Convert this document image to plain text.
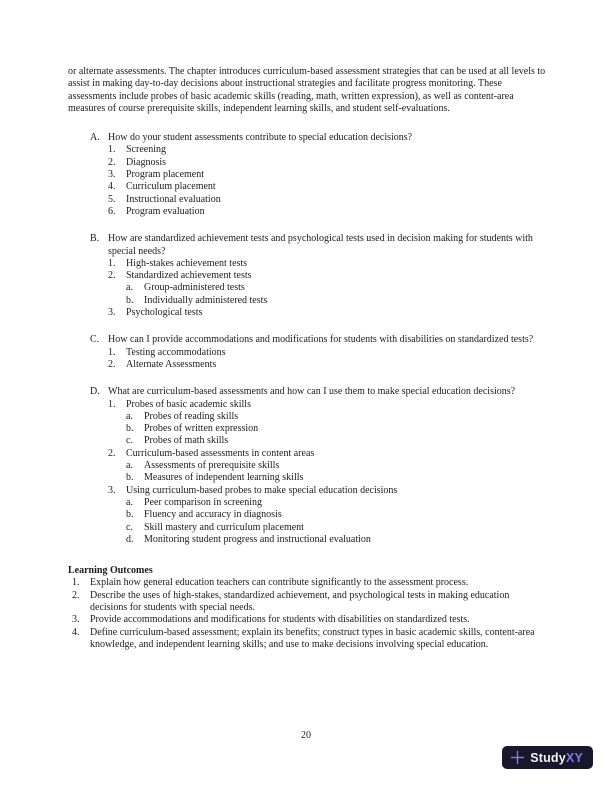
or alternate assessments. The chapter introduces curriculum-based assessment strategies that can be used at all levels to assist in making day-to-day decisions about instructional strategies and facilitate progress monitoring. These assessments include probes of basic academic skills (reading, math, written expression), as well as content-area measures of course prerequisite skills, independent learning skills, and student self-evaluations.

A. How do your student assessments contribute to special education decisions?
1.	Screening
2.	Diagnosis
3.	Program placement
4.	Curriculum placement
5.	Instructional evaluation
6.	Program evaluation
B. How are standardized achievement tests and psychological tests used in decision making for students with special needs?
1.	High-stakes achievement tests
2.	Standardized achievement tests
a.	Group-administered tests
b.	Individually administered tests
3.	Psychological tests
C. How can I provide accommodations and modifications for students with disabilities on standardized tests?
1.	Testing accommodations
2.	Alternate Assessments
D. What are curriculum-based assessments and how can I use them to make special education decisions?
1.	Probes of basic academic skills
a.	Probes of reading skills
b.	Probes of written expression
c.	Probes of math skills
2.	Curriculum-based assessments in content areas
a.	Assessments of prerequisite skills
b.	Measures of independent learning skills
3.	Using curriculum-based probes to make special education decisions
a.	Peer comparison in screening
b.	Fluency and accuracy in diagnosis
c.	Skill mastery and curriculum placement
d.	Monitoring student progress and instructional evaluation
Learning Outcomes
1.	Explain how general education teachers can contribute significantly to the assessment process.
2.	Describe the uses of high-stakes, standardized achievement, and psychological tests in making education decisions for students with special needs.
3.	Provide accommodations and modifications for students with disabilities on standardized tests.
4.	Define curriculum-based assessment; explain its benefits; construct types in basic academic skills, content-area knowledge, and independent learning skills; and use to make decisions involving special education.
20
StudyXY
